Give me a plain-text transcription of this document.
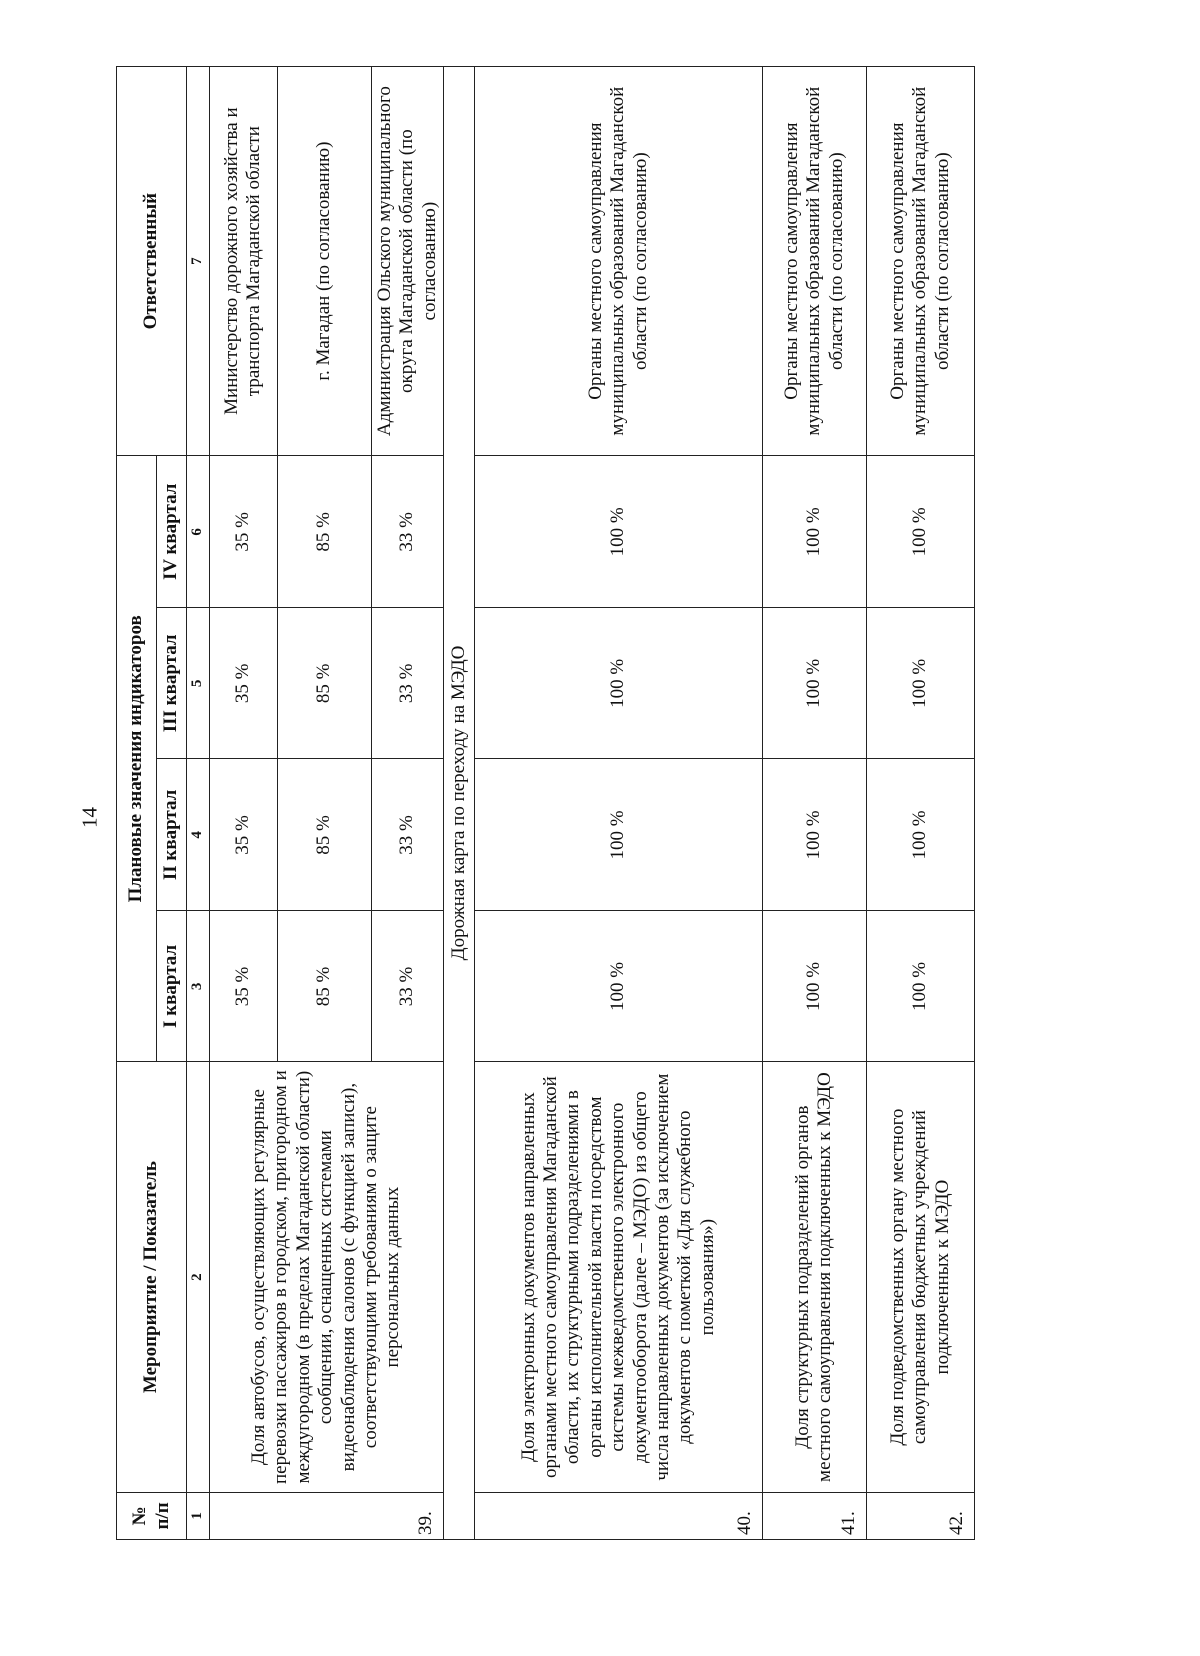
14
№ п/п	Мероприятие / Показатель	Плановые значения индикаторов				Ответственный
		I квартал	II квартал	III квартал	IV квартал	
1	2	3	4	5	6	7
39.	Доля автобусов, осуществляющих регулярные перевозки пассажиров в городском, пригородном и междугородном (в пределах Магаданской области) сообщении, оснащенных системами видеонаблюдения салонов (с функцией записи), соответствующими требованиям о защите персональных данных	35 %	35 %	35 %	35 %	Министерство дорожного хозяйства и транспорта Магаданской области
		85 %	85 %	85 %	85 %	г. Магадан (по согласованию)
		33 %	33 %	33 %	33 %	Администрация Ольского муниципального округа Магаданской области (по согласованию)
Дорожная карта по переходу на МЭДО						
40.	Доля электронных документов направленных органами местного самоуправления Магаданской области, их структурными подразделениями в органы исполнительной власти посредством системы межведомственного электронного документооборота (далее – МЭДО) из общего числа направленных документов (за исключением документов с пометкой «Для служебного пользования»)	100 %	100 %	100 %	100 %	Органы местного самоуправления муниципальных образований Магаданской области (по согласованию)
41.	Доля структурных подразделений органов местного самоуправления подключенных к МЭДО	100 %	100 %	100 %	100 %	Органы местного самоуправления муниципальных образований Магаданской области (по согласованию)
42.	Доля подведомственных органу местного самоуправления бюджетных учреждений подключенных к МЭДО	100 %	100 %	100 %	100 %	Органы местного самоуправления муниципальных образований Магаданской области (по согласованию)
